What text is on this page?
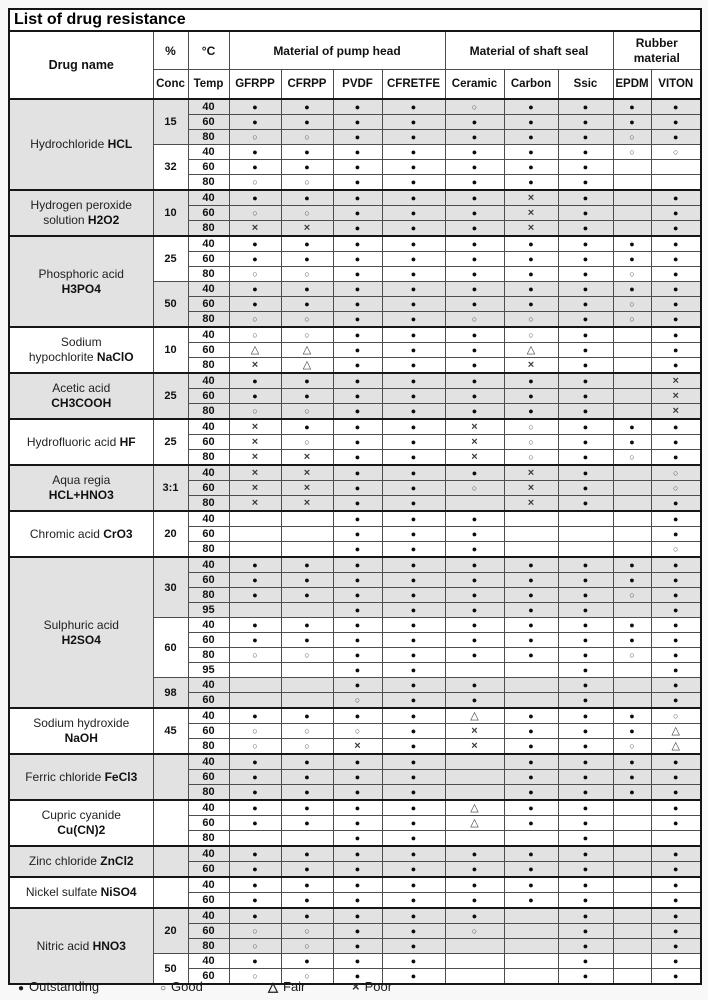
List of drug resistance											
Drug name	%	°C	Material of pump head				Material of shaft seal			Rubber material	
	Conc	Temp	GFRPP	CFRPP	PVDF	CFRETFE	Ceramic	Carbon	Ssic	EPDM	VITON

Hydrochloride HCL	15	40	●	●	●	●	○	●	●	●	●
		60	●	●	●	●	●	●	●	●	●
		80	○	○	●	●	●	●	●	○	●
	32	40	●	●	●	●	●	●	●	○	○
		60	●	●	●	●	●	●	●		
		80	○	○	●	●	●	●	●		

Hydrogen peroxide
solution H2O2	10	40	●	●	●	●	●	×	●		●
		60	○	○	●	●	●	×	●		●
		80	×	×	●	●	●	×	●		●

Phosphoric acid
H3PO4	25	40	●	●	●	●	●	●	●	●	●
		60	●	●	●	●	●	●	●	●	●
		80	○	○	●	●	●	●	●	○	●
	50	40	●	●	●	●	●	●	●	●	●
		60	●	●	●	●	●	●	●	○	●
		80	○	○	●	●	○	○	●	○	●

Sodium
hypochlorite NaClO	10	40	○	○	●	●	●	○	●		●
		60	△	△	●	●	●	△	●		●
		80	×	△	●	●	●	×	●		●

Acetic acid
CH3COOH	25	40	●	●	●	●	●	●	●		×
		60	●	●	●	●	●	●	●		×
		80	○	○	●	●	●	●	●		×

Hydrofluoric acid HF	25	40	×	●	●	●	×	○	●	●	●
		60	×	○	●	●	×	○	●	●	●
		80	×	×	●	●	×	○	●	○	●

Aqua regia
HCL+HNO3	3:1	40	×	×	●	●	●	×	●		○
		60	×	×	●	●	○	×	●		○
		80	×	×	●	●		×	●		●

Chromic acid CrO3	20	40			●	●	●				●
		60			●	●	●				●
		80			●	●	●				○

Sulphuric acid
H2SO4	30	40	●	●	●	●	●	●	●	●	●
		60	●	●	●	●	●	●	●	●	●
		80	●	●	●	●	●	●	●	○	●
		95			●	●	●	●	●		●
	60	40	●	●	●	●	●	●	●	●	●
		60	●	●	●	●	●	●	●	●	●
		80	○	○	●	●	●	●	●	○	●
		95			●	●			●		●
	98	40			●	●	●		●		●
		60			○	●	●		●		●

Sodium hydroxide
NaOH	45	40	●	●	●	●	△	●	●	●	○
		60	○	○	○	●	×	●	●	●	△
		80	○	○	×	●	×	●	●	○	△

Ferric chloride FeCl3		40	●	●	●	●		●	●	●	●
		60	●	●	●	●		●	●	●	●
		80	●	●	●	●		●	●	●	●

Cupric cyanide
Cu(CN)2		40	●	●	●	●	△	●	●		●
		60	●	●	●	●	△	●	●		●
		80			●	●			●		

Zinc chloride ZnCl2		40	●	●	●	●	●	●	●		●
		60	●	●	●	●	●	●	●		●

Nickel sulfate NiSO4		40	●	●	●	●	●	●	●		●
		60	●	●	●	●	●	●	●		●

Nitric acid HNO3	20	40	●	●	●	●	●		●		●
		60	○	○	●	●	○		●		●
		80	○	○	●	●			●		●
	50	40	●	●	●	●			●		●
		60	○	○	●	●			●		●
● Outstanding	○ Good	△ Fair	× Poor
